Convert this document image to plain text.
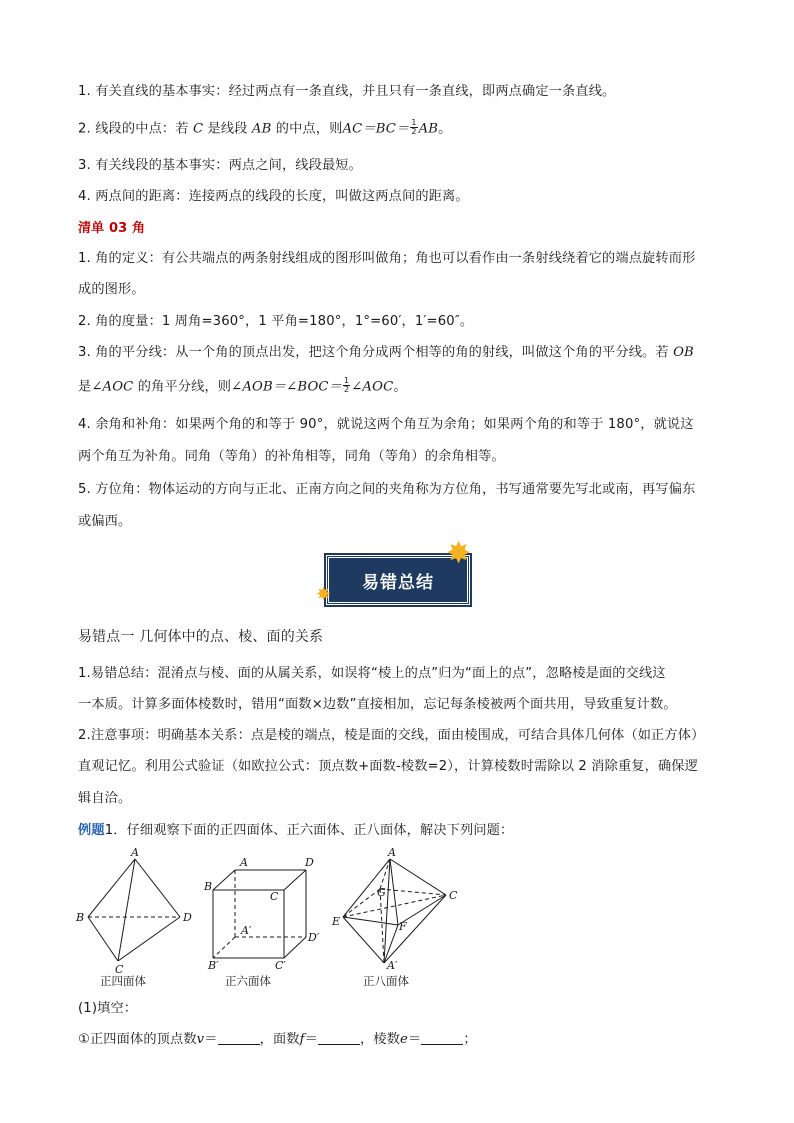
1. 有关直线的基本事实：经过两点有一条直线，并且只有一条直线，即两点确定一条直线。
2. 线段的中点：若 C 是线段 AB 的中点，则$AC=BC= \frac{1}{2}$ AB。
3. 有关线段的基本事实：两点之间，线段最短。
4. 两点间的距离：连接两点的线段的长度，叫做这两点间的距离。
清单 03 角
1. 角的定义：有公共端点的两条射线组成的图形叫做角；角也可以看作由一条射线绕着它的端点旋转而形
成的图形。
2. 角的度量：1 周角=360°，1 平角=180°，1°=60′，1′=60″。
3. 角的平分线：从一个角的顶点出发，把这个角分成两个相等的角的射线，叫做这个角的平分线。若 OB
是∠AOC 的角平分线，则∠AOB＝∠BOC＝ $\frac{1}{2}$ ∠AOC。
4. 余角和补角：如果两个角的和等于 90°，就说这两个角互为余角；如果两个角的和等于 180°，就说这
两个角互为补角。同角（等角）的补角相等，同角（等角）的余角相等。
5. 方位角：物体运动的方向与正北、正南方向之间的夹角称为方位角，书写通常要先写北或南，再写偏东
或偏西。
易错总结
✸
✸
易错点一 几何体中的点、棱、面的关系
1.易错总结：混淆点与棱、面的从属关系，如误将“棱上的点”归为“面上的点”，忽略棱是面的交线这
一本质。计算多面体棱数时，错用“面数×边数”直接相加，忘记每条棱被两个面共用，导致重复计数。
2.注意事项：明确基本关系：点是棱的端点，棱是面的交线，面由棱围成，可结合具体几何体（如正方体）
直观记忆。利用公式验证（如欧拉公式：顶点数+面数-棱数=2），计算棱数时需除以 2 消除重复，确保逻
辑自洽。
例题1．仔细观察下面的正四面体、正六面体、正八面体，解决下列问题：
A
B
C
D
正四面体
A
B
C
D
A′
B′	C′
D′
正六面体
A
G	C
E	F
A′
正八面体
(1)填空：
①正四面体的顶点数v＝	，面数f＝	，棱数e＝	；
